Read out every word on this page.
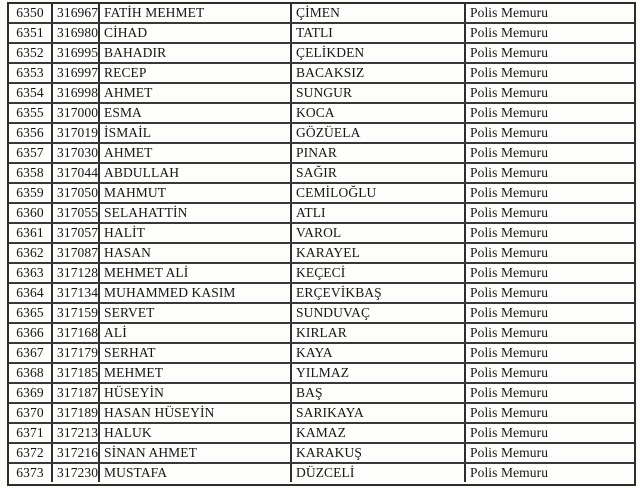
6350 316967 FATİH MEHMET	ÇİMEN	Polis Memuru
6351 316980 CİHAD	TATLI	Polis Memuru
6352 316995 BAHADIR	ÇELİKDEN	Polis Memuru
6353 316997 RECEP	BACAKSIZ	Polis Memuru
6354 316998 AHMET	SUNGUR	Polis Memuru
6355 317000 ESMA	KOCA	Polis Memuru
6356 317019 İSMAİL	GÖZÜELA	Polis Memuru
6357 317030 AHMET	PINAR	Polis Memuru
6358 317044 ABDULLAH	SAĞIR	Polis Memuru
6359 317050 MAHMUT	CEMİLOĞLU	Polis Memuru
6360 317055 SELAHATTİN	ATLI	Polis Memuru
6361 317057 HALİT	VAROL	Polis Memuru
6362 317087 HASAN	KARAYEL	Polis Memuru
6363 317128 MEHMET ALİ	KEÇECİ	Polis Memuru
6364 317134 MUHAMMED KASIM	ERÇEVİKBAŞ	Polis Memuru
6365 317159 SERVET	SUNDUVAÇ	Polis Memuru
6366 317168 ALİ	KIRLAR	Polis Memuru
6367 317179 SERHAT	KAYA	Polis Memuru
6368 317185 MEHMET	YILMAZ	Polis Memuru
6369 317187 HÜSEYİN	BAŞ	Polis Memuru
6370 317189 HASAN HÜSEYİN	SARIKAYA	Polis Memuru
6371 317213 HALUK	KAMAZ	Polis Memuru
6372 317216 SİNAN AHMET	KARAKUŞ	Polis Memuru
6373 317230 MUSTAFA	DÜZCELİ	Polis Memuru
